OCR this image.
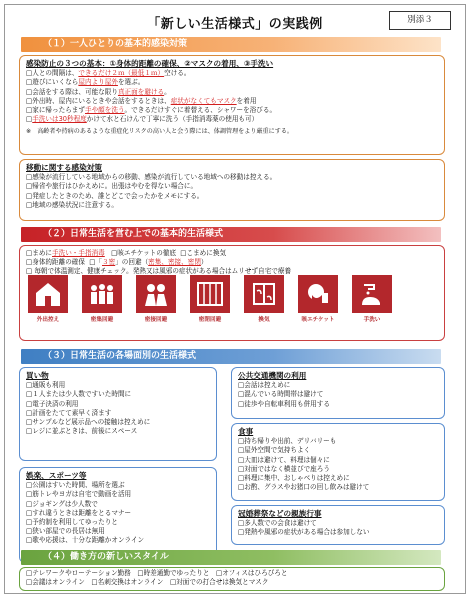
別添３
「新しい生活様式」の実践例
（１）一人ひとりの基本的感染対策
感染防止の３つの基本：①身体的距離の確保、②マスクの着用、③手洗い
□人との間隔は、できるだけ２ｍ（最低１ｍ）空ける。
□遊びにいくなら屋内より屋外を選ぶ。
□会話をする際は、可能な限り真正面を避ける。
□外出時、屋内にいるときや会話をするときは、症状がなくてもマスクを着用
□家に帰ったらまず手や顔を洗う。できるだけすぐに着替える、シャワーを浴びる。
□手洗いは30秒程度かけて水と石けんで丁寧に洗う（手指消毒薬の使用も可）
※　高齢者や持病のあるような重症化リスクの高い人と会う際には、体調管理をより厳重にする。
移動に関する感染対策
□感染が流行している地域からの移動、感染が流行している地域への移動は控える。
□帰省や旅行はひかえめに。出張はやむを得ない場合に。
□発症したときのため、誰とどこで会ったかをメモにする。
□地域の感染状況に注意する。
（２）日常生活を営む上での基本的生活様式
□まめに手洗い・手指消毒 □咳エチケットの徹底 □こまめに換気
□身体的距離の確保 □「３密」の回避（密集、密接、密閉）
□ 毎朝で体温測定、健康チェック。発熱又は風邪の症状がある場合はムリせず自宅で療養
外出控え	密集回避	密接回避	密閉回避	換気	咳エチケット	手洗い
（３）日常生活の各場面別の生活様式
買い物
□通販も利用
□１人または少人数ですいた時間に
□電子決済の利用
□計画をたてて素早く済ます
□サンプルなど展示品への接触は控えめに
□レジに並ぶときは、前後にスペース
娯楽、スポーツ等
□公園はすいた時間、場所を選ぶ
□筋トレやヨガは自宅で動画を活用
□ジョギングは少人数で
□すれ違うときは距離をとるマナー
□予約制を利用してゆったりと
□狭い部屋での長居は無用
□歌や応援は、十分な距離かオンライン
公共交通機関の利用
□会話は控えめに
□混んでいる時間帯は避けて
□徒歩や自転車利用も併用する
食事
□持ち帰りや出前、デリバリーも
□屋外空間で気持ちよく
□大皿は避けて、料理は個々に
□対面ではなく横並びで座ろう
□料理に集中、おしゃべりは控えめに
□お酌、グラスやお猪口の回し飲みは避けて
冠婚葬祭などの親族行事
□多人数での会食は避けて
□発熱や風邪の症状がある場合は参加しない
（４）働き方の新しいスタイル
□テレワークやローテーション勤務　□時差通勤でゆったりと　□オフィスはひろびろと
□会議はオンライン　□名刺交換はオンライン　□対面での打合せは換気とマスク
